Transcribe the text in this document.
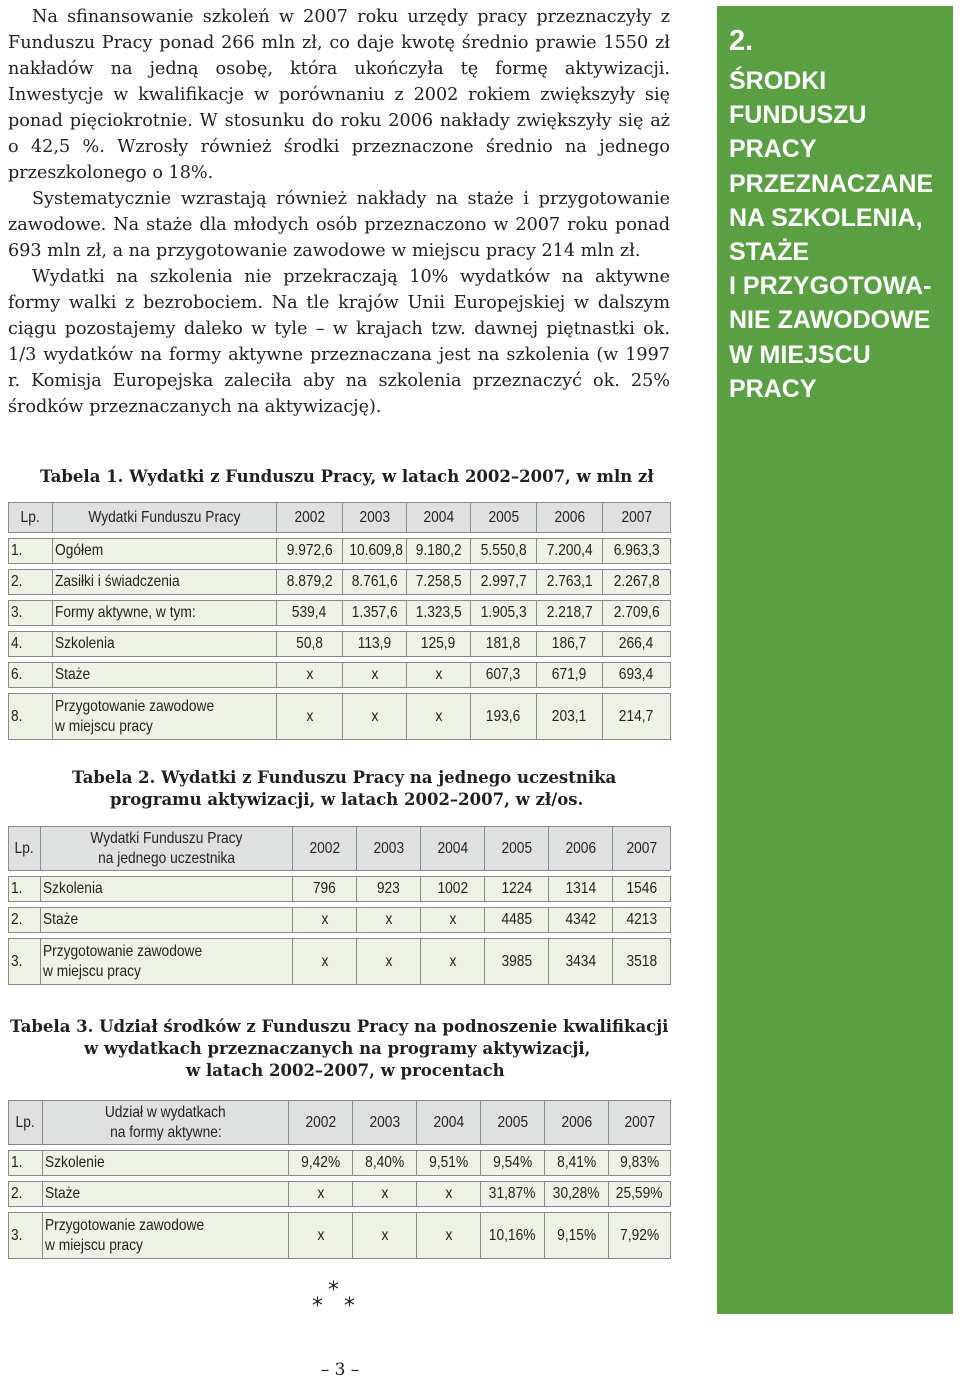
Na sfinansowanie szkoleń w 2007 roku urzędy pracy przeznaczyły z Funduszu Pracy ponad 266 mln zł, co daje kwotę średnio prawie 1550 zł nakładów na jedną osobę, która ukończyła tę formę aktywizacji. Inwestycje w kwalifikacje w porównaniu z 2002 rokiem zwiększyły się ponad pięciokrotnie. W stosunku do roku 2006 nakłady zwiększyły się aż o 42,5 %. Wzrosły również środki przeznaczone średnio na jednego przeszkolonego o 18%.

Systematycznie wzrastają również nakłady na staże i przygotowanie zawodowe. Na staże dla młodych osób przeznaczono w 2007 roku ponad 693 mln zł, a na przygotowanie zawodowe w miejscu pracy 214 mln zł.

Wydatki na szkolenia nie przekraczają 10% wydatków na aktywne formy walki z bezrobociem. Na tle krajów Unii Europejskiej w dalszym ciągu pozostajemy daleko w tyle – w krajach tzw. dawnej piętnastki ok. 1/3 wydatków na formy aktywne przeznaczana jest na szkolenia (w 1997 r. Komisja Europejska zaleciła aby na szkolenia przeznaczyć ok. 25% środków przeznaczanych na aktywizację).

2.
ŚRODKI
FUNDUSZU
PRACY
PRZEZNACZANE
NA SZKOLENIA,
STAŻE
I PRZYGOTOWA-
NIE ZAWODOWE
W MIEJSCU
PRACY
Tabela 1. Wydatki z Funduszu Pracy, w latach 2002–2007, w mln zł
Lp.	Wydatki Funduszu Pracy	2002	2003	2004	2005	2006	2007

1.	Ogółem	9.972,6	10.609,8	9.180,2	5.550,8	7.200,4	6.963,3

2.	Zasiłki i świadczenia	8.879,2	8.761,6	7.258,5	2.997,7	2.763,1	2.267,8

3.	Formy aktywne, w tym:	539,4	1.357,6	1.323,5	1.905,3	2.218,7	2.709,6

4.	Szkolenia	50,8	113,9	125,9	181,8	186,7	266,4

6.	Staże	x	x	x	607,3	671,9	693,4

8.	Przygotowanie zawodowe
w miejscu pracy	x	x	x	193,6	203,1	214,7
Tabela 2. Wydatki z Funduszu Pracy na jednego uczestnika
programu aktywizacji, w latach 2002–2007, w zł/os.
Lp.	Wydatki Funduszu Pracy
na jednego uczestnika	2002	2003	2004	2005	2006	2007

1.	Szkolenia	796	923	1002	1224	1314	1546

2.	Staże	x	x	x	4485	4342	4213

3.	Przygotowanie zawodowe
w miejscu pracy	x	x	x	3985	3434	3518
Tabela 3. Udział środków z Funduszu Pracy na podnoszenie kwalifikacji
w wydatkach przeznaczanych na programy aktywizacji,
w latach 2002–2007, w procentach
Lp.	Udział w wydatkach
na formy aktywne:	2002	2003	2004	2005	2006	2007

1.	Szkolenie	9,42%	8,40%	9,51%	9,54%	8,41%	9,83%

2.	Staże	x	x	x	31,87%	30,28%	25,59%

3.	Przygotowanie zawodowe
w miejscu pracy	x	x	x	10,16%	9,15%	7,92%
*
* *
– 3 –
